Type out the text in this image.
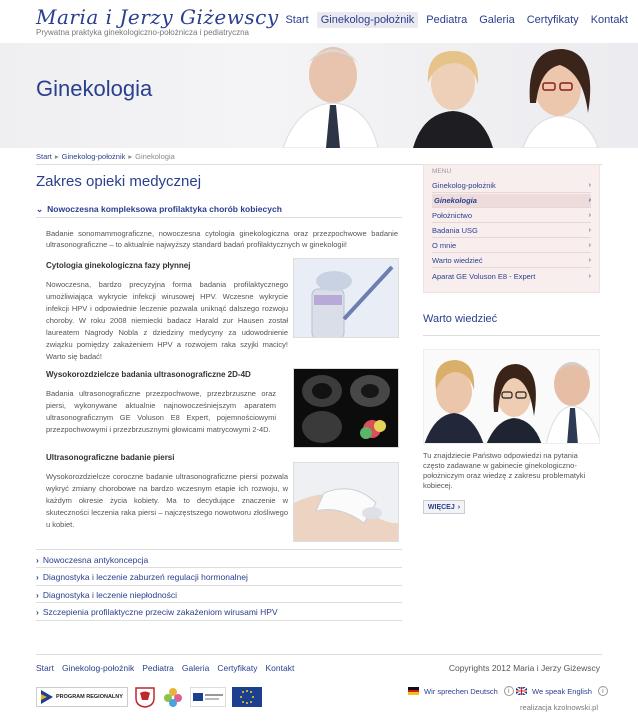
Maria i Jerzy Giżewscy
Prywatna praktyka ginekologiczno-położnicza i pediatryczna
Start	Ginekolog-położnik	Pediatra	Galeria	Certyfikaty	Kontakt
Ginekologia
Start ▸ Ginekolog-położnik ▸ Ginekologia
Zakres opieki medycznej
⌄ Nowoczesna kompleksowa profilaktyka chorób kobiecych
Badanie sonomammograficzne, nowoczesna cytologia ginekologiczna oraz przezpochwowe badanie ultrasonograficzne – to aktualnie najwyższy standard badań profilaktycznych w ginekologii!
Cytologia ginekologiczna fazy płynnej
Nowoczesna, bardzo precyzyjna forma badania profilaktycznego umożliwiająca wykrycie infekcji wirusowej HPV. Wczesne wykrycie infekcji HPV i odpowiednie leczenie pozwala uniknąć dalszego rozwoju choroby. W roku 2008 niemiecki badacz Harald zur Hausen został laureatem Nagrody Nobla z dziedziny medycyny za udowodnienie związku pomiędzy zakażeniem HPV a rozwojem raka szyjki macicy! Warto się badać!
Wysokorozdzielcze badania ultrasonograficzne 2D-4D
Badania ultrasonograficzne przezpochwowe, przezbrzuszne oraz piersi, wykonywane aktualnie najnowocześniejszym aparatem ultrasonograficznym GE Voluson E8 Expert, pojemnościowymi przezpochwowymi i przezbrzusznymi głowicami matrycowymi 2-4D.
Ultrasonograficzne badanie piersi
Wysokorozdzielcze coroczne badanie ultrasonograficzne piersi pozwala wykryć zmiany chorobowe na bardzo wczesnym etapie ich rozwoju, w każdym okresie życia kobiety. Ma to decydujące znaczenie w skuteczności leczenia raka piersi – najczęstszego nowotworu złośliwego u kobiet.
› Nowoczesna antykoncepcja
› Diagnostyka i leczenie zaburzeń regulacji hormonalnej
› Diagnostyka i leczenie niepłodności
› Szczepienia profilaktyczne przeciw zakażeniom wirusami HPV
MENU
Ginekolog-położnik	›
Ginekologia	›
Położnictwo	›
Badania USG	›
O mnie	›
Warto wiedzieć	›
Aparat GE Voluson E8 - Expert	›
Warto wiedzieć
Tu znajdziecie Państwo odpowiedzi na pytania często zadawane w gabinecie ginekologiczno-położniczym oraz wiedzę z zakresu problematyki kobiecej.
WIĘCEJ ›
Start Ginekolog-położnik Pediatra Galeria Certyfikaty Kontakt	Copyrights 2012 Maria i Jerzy Giżewscy
PROGRAM REGIONALNY
Wir sprechen Deutsch	i	We speak English	i
realizacja kzolnowski.pl
